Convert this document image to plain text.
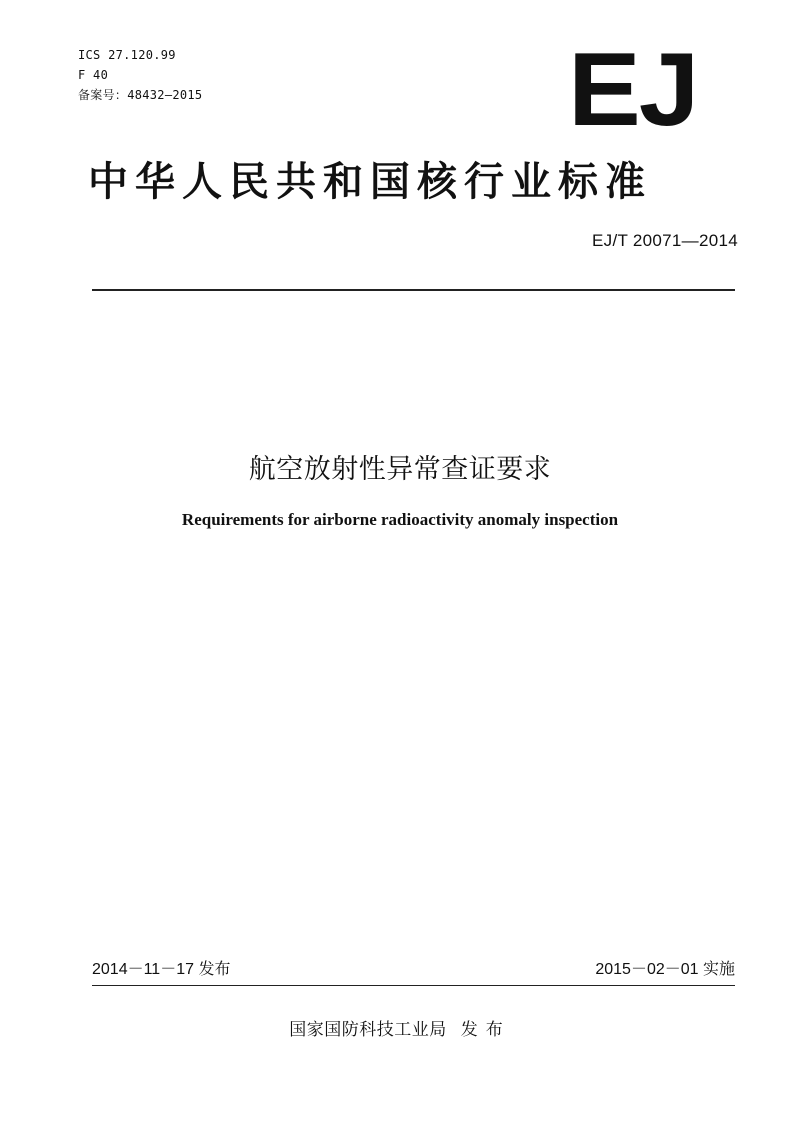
ICS 27.120.99
F 40
备案号：48432—2015	EJ
中华人民共和国核行业标准
EJ/T 20071—2014
航空放射性异常查证要求
Requirements for airborne radioactivity anomaly inspection
2014－11－17 发布	2015－02－01 实施
国家国防科技工业局 发布
